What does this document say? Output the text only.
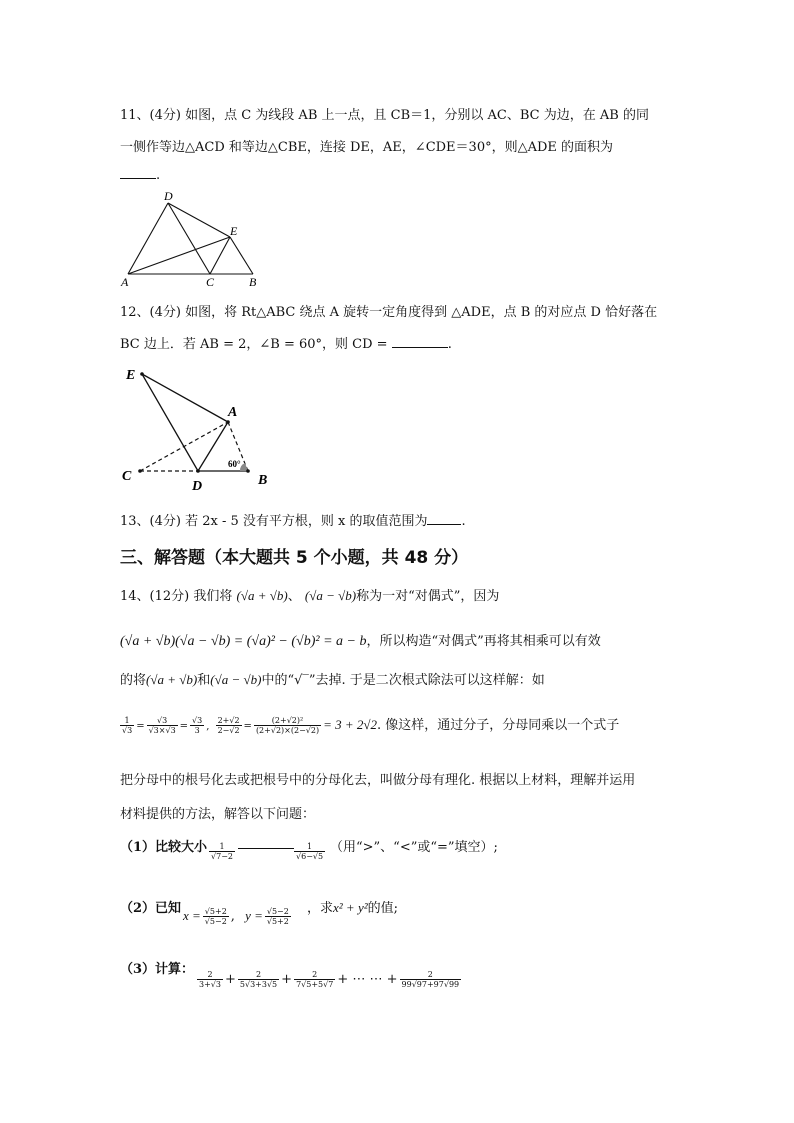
11、(4分) 如图，点 C 为线段 AB 上一点，且 CB＝1，分别以 AC、BC 为边，在 AB 的同
一侧作等边△ACD 和等边△CBE，连接 DE，AE，∠CDE＝30°，则△ADE 的面积为
.
D
E
A	C	B
12、(4分) 如图，将 Rt△ABC 绕点 A 旋转一定角度得到 △ADE，点 B 的对应点 D 恰好落在
BC 边上．若 AB = 2，∠B = 60°，则 CD =	.
E
A
C
D	B
60°
13、(4分) 若 2x - 5 没有平方根，则 x 的取值范围为	.
三、解答题（本大题共 5 个小题，共 48 分）
14、(12分) 我们将 (√a + √b)、 (√a − √b)称为一对“对偶式”，因为
(√a + √b)(√a − √b) = (√a)² − (√b)² = a − b，所以构造“对偶式”再将其相乘可以有效
的将(√a + √b)和(√a − √b)中的“√‾”去掉. 于是二次根式除法可以这样解：如
$\frac{1}{√3} = \frac{√3}{√3\times√3} = \frac{√3}{3}$ , $\frac{2+√2}{2-√2} = \frac{\text{(2+√2)²}}{(2+√2)\times(2-√2)} = 3 + 2√2$. 像这样，通过分子，分母同乘以一个式子
把分母中的根号化去或把根号中的分母化去，叫做分母有理化. 根据以上材料，理解并运用
材料提供的方法，解答以下问题：
（1）比较大小 $\frac{1}{√7-2}$	$\frac{1}{√6-√5}$ （用“>”、“<”或“=”填空）;
（2）已知 $x = \frac{√5+2}{√5-2}$ , $y = \frac{√5-2}{√5+2}$ ，求x² + y²的值;
（3）计算：
$\frac{2}{3+√3} + \frac{2}{5√3+3√5} + \frac{2}{7√5+5√7}$ + ⋯ ⋯ + $\frac{2}{99√97+97√99}$
